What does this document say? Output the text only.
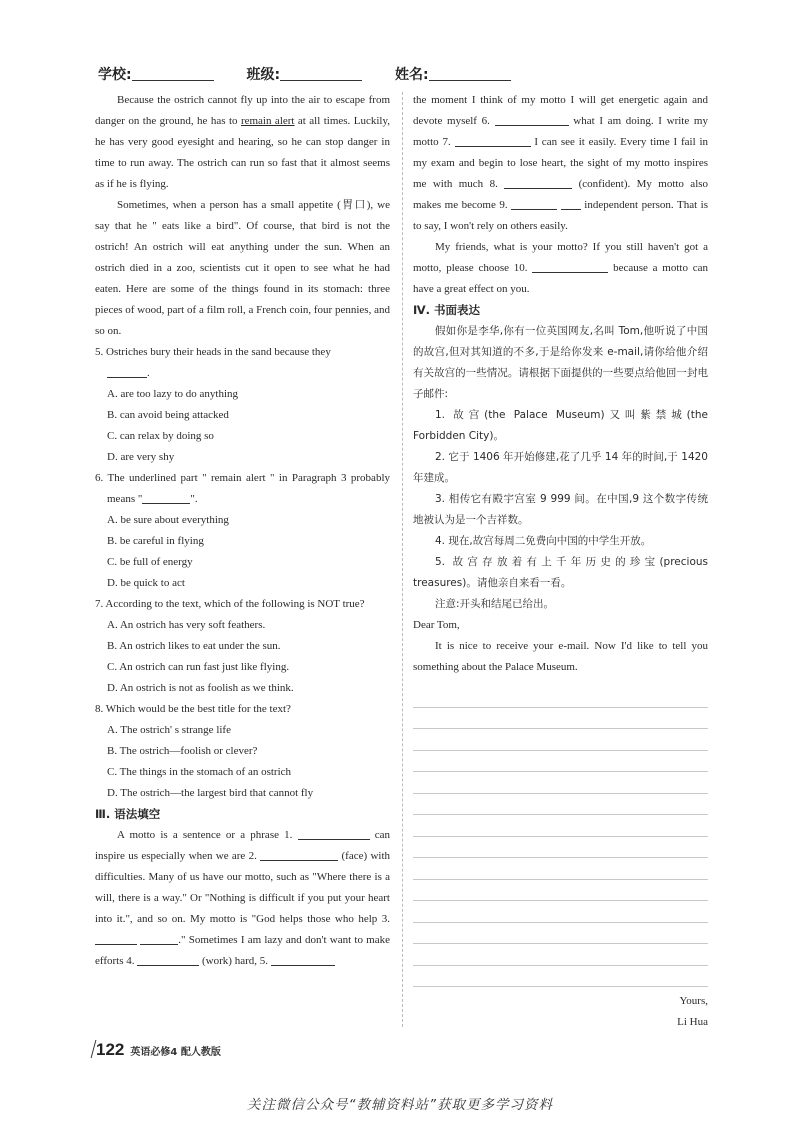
学校:	班级:	姓名:

Because the ostrich cannot fly up into the air to escape from danger on the ground, he has to remain alert at all times. Luckily, he has very good eyesight and hearing, so he can stop danger in time to run away. The ostrich can run so fast that it almost seems as if he is flying.

Sometimes, when a person has a small appetite (胃口), we say that he " eats like a bird". Of course, that bird is not the ostrich! An ostrich will eat anything under the sun. When an ostrich died in a zoo, scientists cut it open to see what he had eaten. Here are some of the things found in its stomach: three pieces of wood, part of a film roll, a French coin, four pennies, and so on.

5. Ostriches bury their heads in the sand because they
.

A. are too lazy to do anything

B. can avoid being attacked

C. can relax by doing so

D. are very shy

6. The underlined part " remain alert " in Paragraph 3 probably means "	".

A. be sure about everything

B. be careful in flying

C. be full of energy

D. be quick to act

7. According to the text, which of the following is NOT true?

A. An ostrich has very soft feathers.

B. An ostrich likes to eat under the sun.

C. An ostrich can run fast just like flying.

D. An ostrich is not as foolish as we think.

8. Which would be the best title for the text?

A. The ostrich' s strange life

B. The ostrich—foolish or clever?

C. The things in the stomach of an ostrich

D. The ostrich—the largest bird that cannot fly

Ⅲ. 语法填空

A motto is a sentence or a phrase 1.	can inspire us especially when we are 2.	(face) with difficulties. Many of us have our motto, such as "Where there is a will, there is a way." Or "Nothing is difficult if you put your heart into it.", and so on. My motto is "God helps those who help 3.  ." Sometimes I am lazy and don't want to make efforts 4.	(work) hard, 5.

the moment I think of my motto I will get energetic again and devote myself 6.	what I am doing. I write my motto 7.	I can see it easily. Every time I fail in my exam and begin to lose heart, the sight of my motto inspires me with much 8.	(confident). My motto also makes me become 9.	independent person. That is to say, I won't rely on others easily.

My friends, what is your motto? If you still haven't got a motto, please choose 10.	because a motto can have a great effect on you.

Ⅳ. 书面表达

假如你是李华,你有一位英国网友,名叫 Tom,他听说了中国的故宫,但对其知道的不多,于是给你发来 e-mail,请你给他介绍有关故宫的一些情况。请根据下面提供的一些要点给他回一封电子邮件:

1. 故宫(the Palace Museum)又叫紫禁城(the Forbidden City)。

2. 它于 1406 年开始修建,花了几乎 14 年的时间,于 1420 年建成。

3. 相传它有殿宇宫室 9 999 间。在中国,9 这个数字传统地被认为是一个吉祥数。

4. 现在,故宫每周二免费向中国的中学生开放。

5. 故宫存放着有上千年历史的珍宝(precious treasures)。请他亲自来看一看。

注意:开头和结尾已给出。

Dear Tom,

It is nice to receive your e-mail. Now I'd like to tell you something about the Palace Museum.

Yours,

Li Hua

122 英语必修4 配人教版
关注微信公众号“教辅资料站”获取更多学习资料
